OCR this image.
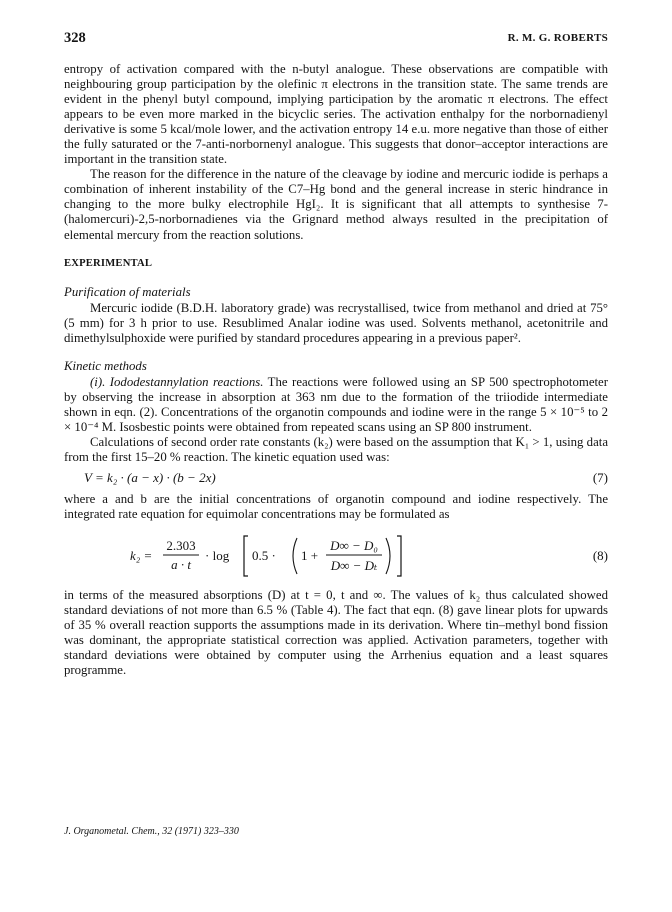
328	R. M. G. ROBERTS

entropy of activation compared with the n-butyl analogue. These observations are compatible with neighbouring group participation by the olefinic π electrons in the transition state. The same trends are evident in the phenyl butyl compound, implying participation by the aromatic π electrons. The effect appears to be even more marked in the bicyclic series. The activation enthalpy for the norbornadienyl derivative is some 5 kcal/mole lower, and the activation entropy 14 e.u. more negative than those of either the fully saturated or the 7-anti-norbornenyl analogue. This suggests that donor–acceptor interactions are important in the transition state.

The reason for the difference in the nature of the cleavage by iodine and mercuric iodide is perhaps a combination of inherent instability of the C7–Hg bond and the general increase in steric hindrance in changing to the more bulky electrophile HgI₂. It is significant that all attempts to synthesise 7-(halomercuri)-2,5-norbornadienes via the Grignard method always resulted in the precipitation of elemental mercury from the reaction solutions.

EXPERIMENTAL
Purification of materials

Mercuric iodide (B.D.H. laboratory grade) was recrystallised, twice from methanol and dried at 75° (5 mm) for 3 h prior to use. Resublimed Analar iodine was used. Solvents methanol, acetonitrile and dimethylsulphoxide were purified by standard procedures appearing in a previous paper².

Kinetic methods

(i). Iododestannylation reactions. The reactions were followed using an SP 500 spectrophotometer by observing the increase in absorption at 363 nm due to the formation of the triiodide intermediate shown in eqn. (2). Concentrations of the organotin compounds and iodine were in the range 5 × 10⁻⁵ to 2 × 10⁻⁴ M. Isosbestic points were obtained from repeated scans using an SP 800 instrument.

Calculations of second order rate constants (k₂) were based on the assumption that K₁ > 1, using data from the first 15–20 % reaction. The kinetic equation used was:

V = k₂ · (a − x) · (b − 2x)	(7)

where a and b are the initial concentrations of organotin compound and iodine respectively. The integrated rate equation for equimolar concentrations may be formulated as

k₂ =
2.303
a · t
· log 0.5 · 1 +
D∞ − D₀
D∞ − Dₜ
(8)

in terms of the measured absorptions (D) at t = 0, t and ∞. The values of k₂ thus calculated showed standard deviations of not more than 6.5 % (Table 4). The fact that eqn. (8) gave linear plots for upwards of 35 % overall reaction supports the assumptions made in its derivation. Where tin–methyl bond fission was dominant, the appropriate statistical correction was applied. Activation parameters, together with standard deviations were obtained by computer using the Arrhenius equation and a least squares programme.

J. Organometal. Chem., 32 (1971) 323–330
